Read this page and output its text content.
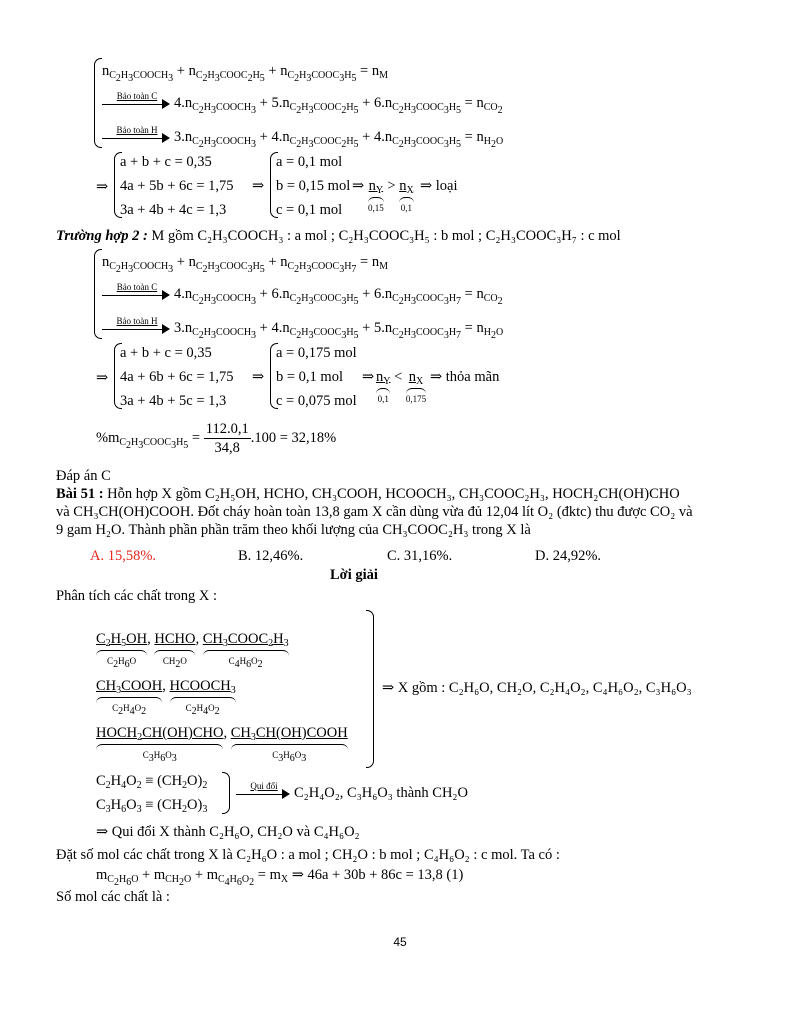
$n_{C_2H_3COOCH_3} + n_{C_2H_3COOC_2H_5} + n_{C_2H_3COOC_3H_5} = n_M$
Bảo toàn C	$4.n_{C_2H_3COOCH_3} + 5.n_{C_2H_3COOC_2H_5} + 6.n_{C_2H_3COOC_3H_5} = n_{CO_2}$
Bảo toàn H	$3.n_{C_2H_3COOCH_3} + 4.n_{C_2H_3COOC_2H_5} + 4.n_{C_2H_3COOC_3H_5} = n_{H_2O}$
⇒
a + b + c = 0,35
4a + 5b + 6c = 1,75 ⇒
3a + 4b + 4c = 1,3
a = 0,1 mol
b = 0,15 mol ⇒ $n_Y$
0,15
> $n_X$
0,1
⇒ loại
c = 0,1 mol
Trường hợp 2 : M gồm C₂H₃COOCH₃ : a mol ; C₂H₃COOC₃H₅ : b mol ; C₂H₃COOC₃H₇ : c mol
$n_{C_2H_3COOCH_3} + n_{C_2H_3COOC_3H_5} + n_{C_2H_3COOC_3H_7} = n_M$
Bảo toàn C	$4.n_{C_2H_3COOCH_3} + 6.n_{C_2H_3COOC_3H_5} + 6.n_{C_2H_3COOC_3H_7} = n_{CO_2}$
Bảo toàn H	$3.n_{C_2H_3COOCH_3} + 4.n_{C_2H_3COOC_3H_5} + 5.n_{C_2H_3COOC_3H_7} = n_{H_2O}$
⇒
a + b + c = 0,35
4a + 6b + 6c = 1,75 ⇒
3a + 4b + 5c = 1,3
a = 0,175 mol
b = 0,1 mol ⇒ $n_Y$
0,1
< $n_X$
0,175
⇒ thỏa mãn
c = 0,075 mol
$\%m_{C_2H_3COOC_3H_5} = \frac{112.0,1}{34,8} .100 = 32,18\%$
Đáp án C
Bài 51 : Hỗn hợp X gồm C₂H₅OH, HCHO, CH₃COOH, HCOOCH₃, CH₃COOC₂H₃, HOCH₂CH(OH)CHO
và CH₃CH(OH)COOH. Đốt cháy hoàn toàn 13,8 gam X cần dùng vừa đủ 12,04 lít O₂ (đktc) thu được CO₂ và
9 gam H₂O. Thành phần phần trăm theo khối lượng của CH₃COOC₂H₃ trong X là
A. 15,58%.	B. 12,46%.	C. 31,16%.	D. 24,92%.
Lời giải
Phân tích các chất trong X :
$C_2H_5OH$
$C_2H_6O$
, HCHO
$CH_2O$
, $CH_3COOC_2H_3$
$C_4H_6O_2$
$CH_3COOH$
$C_2H_4O_2$
, $HCOOCH_3$
$C_2H_4O_2$
$HOCH_2CH(OH)CHO$
$C_3H_6O_3$
, $CH_3CH(OH)COOH$
$C_3H_6O_3$
⇒ X gồm : C₂H₆O, CH₂O, C₂H₄O₂, C₄H₆O₂, C₃H₆O₃
$C_2H_4O_2 \equiv (CH_2O)_2$
$C_3H_6O_3 \equiv (CH_2O)_3$
Qui đổi	C₂H₄O₂, C₃H₆O₃ thành CH₂O
⇒ Qui đổi X thành C₂H₆O, CH₂O và C₄H₆O₂
Đặt số mol các chất trong X là C₂H₆O : a mol ; CH₂O : b mol ; C₄H₆O₂ : c mol. Ta có :
$m_{C_2H_6O} + m_{CH_2O} + m_{C_4H_6O_2} = m_X$ ⇒ 46a + 30b + 86c = 13,8 (1)
Số mol các chất là :
45
